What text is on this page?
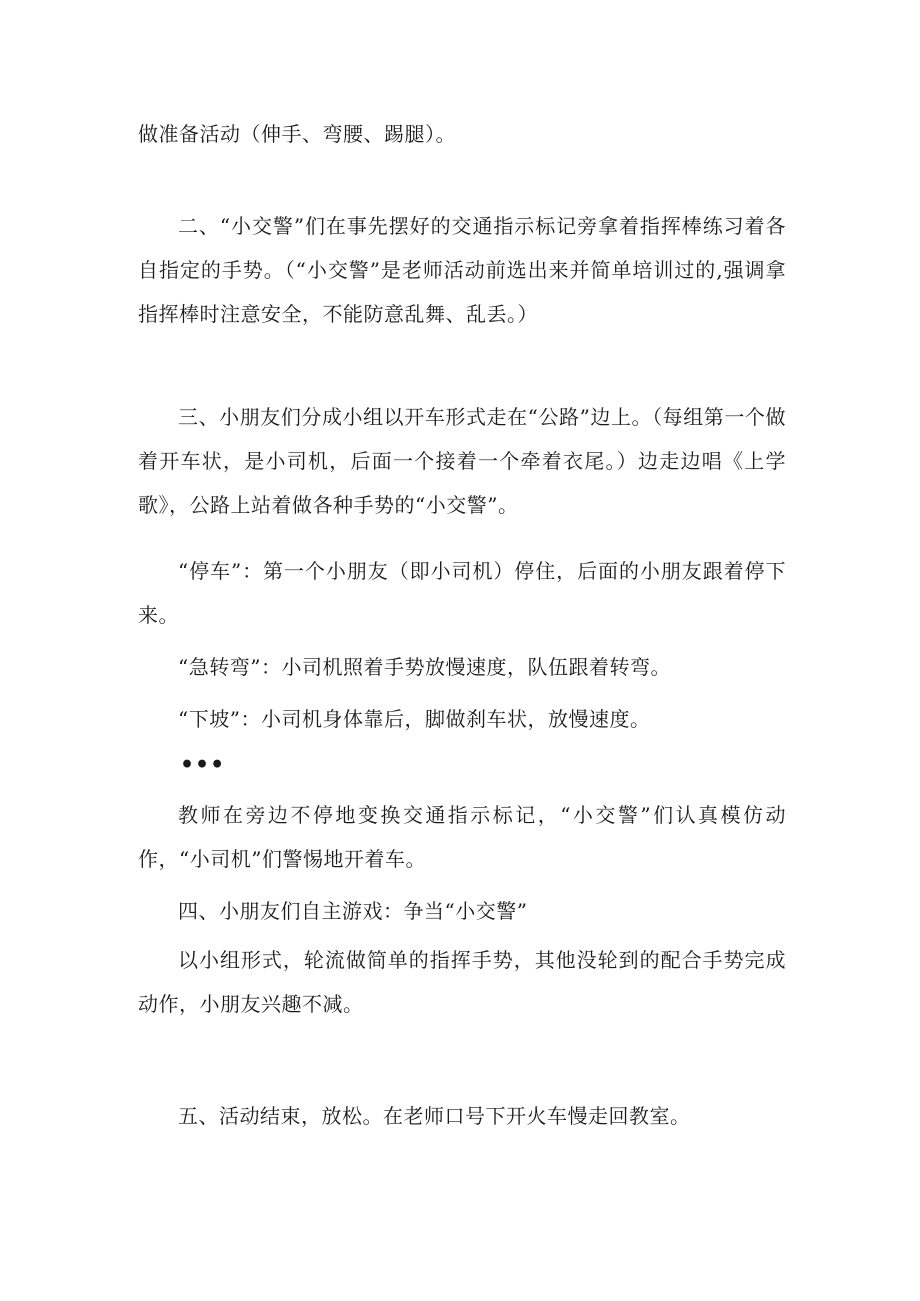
做准备活动（伸手、弯腰、踢腿）。

二、“小交警”们在事先摆好的交通指示标记旁拿着指挥棒练习着各自指定的手势。（“小交警”是老师活动前选出来并简单培训过的,强调拿指挥棒时注意安全，不能防意乱舞、乱丢。）

三、小朋友们分成小组以开车形式走在“公路”边上。（每组第一个做着开车状，是小司机，后面一个接着一个牵着衣尾。）边走边唱《上学歌》，公路上站着做各种手势的“小交警”。

“停车”：第一个小朋友（即小司机）停住，后面的小朋友跟着停下来。

“急转弯”：小司机照着手势放慢速度，队伍跟着转弯。

“下坡”：小司机身体靠后，脚做刹车状，放慢速度。

•••

教师在旁边不停地变换交通指示标记，“小交警”们认真模仿动作，“小司机”们警惕地开着车。

四、小朋友们自主游戏：争当“小交警”

以小组形式，轮流做简单的指挥手势，其他没轮到的配合手势完成动作，小朋友兴趣不减。

五、活动结束，放松。在老师口号下开火车慢走回教室。
